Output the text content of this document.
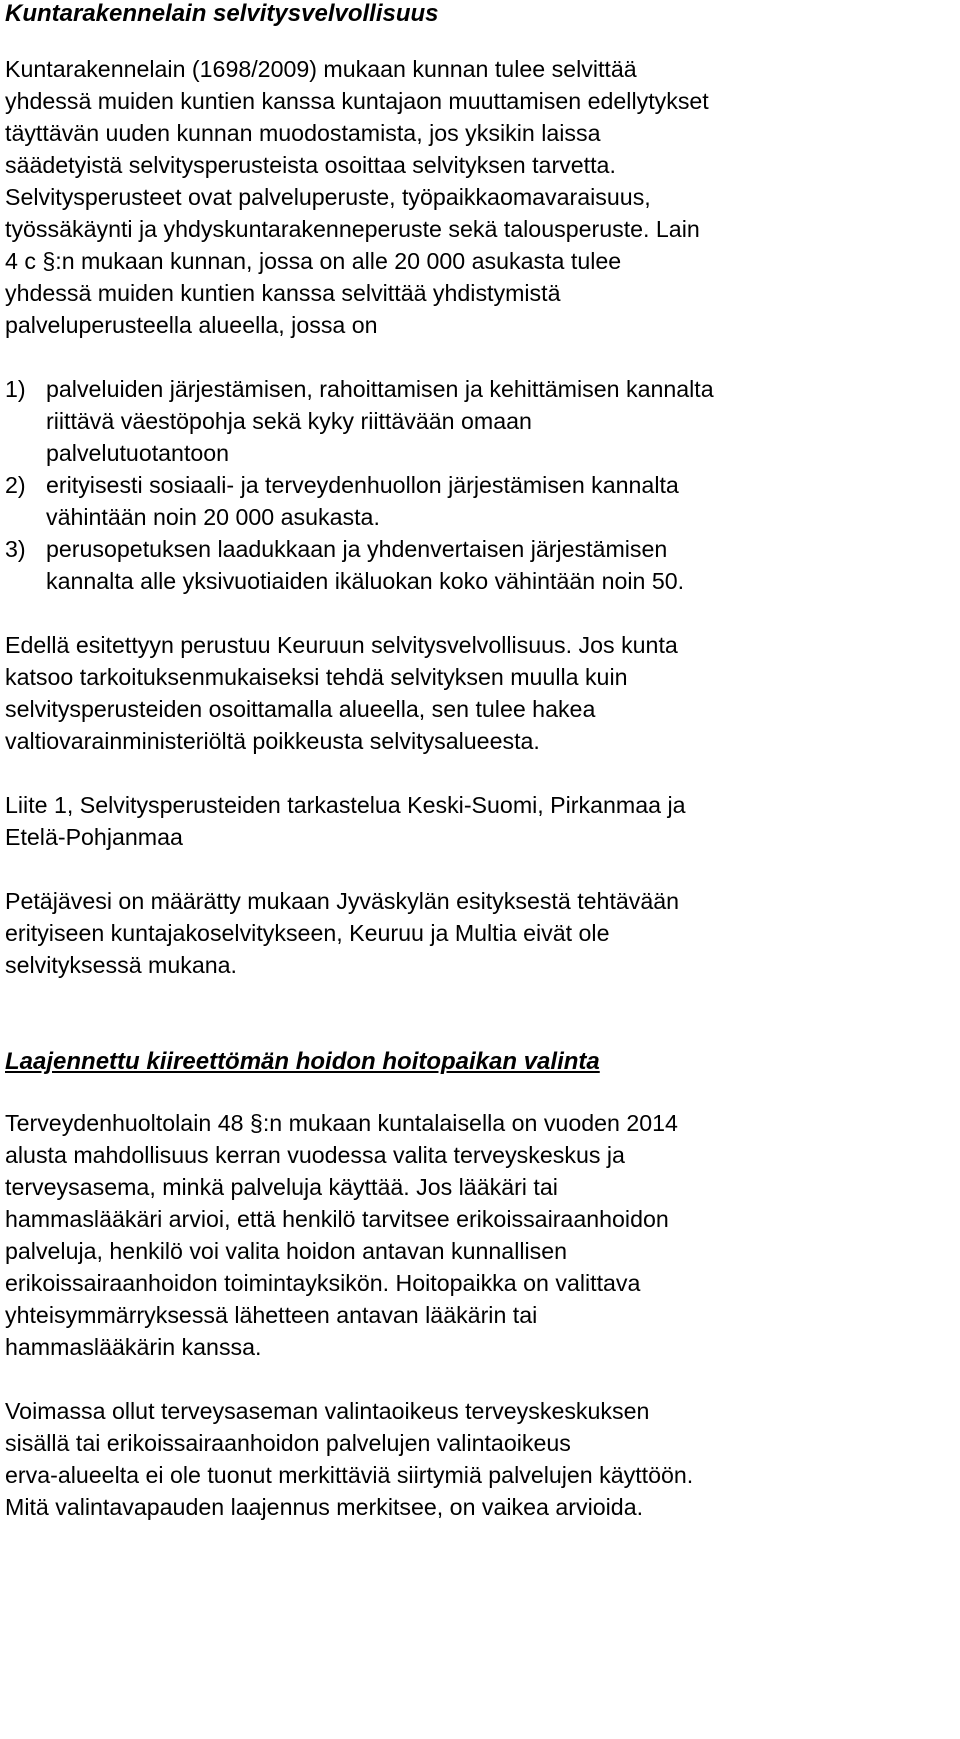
Kuntarakennelain selvitysvelvollisuus

Kuntarakennelain (1698/2009) mukaan kunnan tulee selvittää
yhdessä muiden kuntien kanssa kuntajaon muuttamisen edellytykset
täyttävän uuden kunnan muodostamista, jos yksikin laissa
säädetyistä selvitysperusteista osoittaa selvityksen tarvetta.
Selvitysperusteet ovat palveluperuste, työpaikkaomavaraisuus,
työssäkäynti ja yhdyskuntarakenneperuste sekä talousperuste. Lain
4 c §:n mukaan kunnan, jossa on alle 20 000 asukasta tulee
yhdessä muiden kuntien kanssa selvittää yhdistymistä
palveluperusteella alueella, jossa on

1) palveluiden järjestämisen, rahoittamisen ja kehittämisen kannalta
riittävä väestöpohja sekä kyky riittävään omaan
palvelutuotantoon
2) erityisesti sosiaali- ja terveydenhuollon järjestämisen kannalta
vähintään noin 20 000 asukasta.
3) perusopetuksen laadukkaan ja yhdenvertaisen järjestämisen
kannalta alle yksivuotiaiden ikäluokan koko vähintään noin 50.

Edellä esitettyyn perustuu Keuruun selvitysvelvollisuus. Jos kunta
katsoo tarkoituksenmukaiseksi tehdä selvityksen muulla kuin
selvitysperusteiden osoittamalla alueella, sen tulee hakea
valtiovarainministeriöltä poikkeusta selvitysalueesta.

Liite 1, Selvitysperusteiden tarkastelua Keski-Suomi, Pirkanmaa ja
Etelä-Pohjanmaa

Petäjävesi on määrätty mukaan Jyväskylän esityksestä tehtävään
erityiseen kuntajakoselvitykseen, Keuruu ja Multia eivät ole
selvityksessä mukana.

Laajennettu kiireettömän hoidon hoitopaikan valinta

Terveydenhuoltolain 48 §:n mukaan kuntalaisella on vuoden 2014
alusta mahdollisuus kerran vuodessa valita terveyskeskus ja
terveysasema, minkä palveluja käyttää. Jos lääkäri tai
hammaslääkäri arvioi, että henkilö tarvitsee erikoissairaanhoidon
palveluja, henkilö voi valita hoidon antavan kunnallisen
erikoissairaanhoidon toimintayksikön. Hoitopaikka on valittava
yhteisymmärryksessä lähetteen antavan lääkärin tai
hammaslääkärin kanssa.

Voimassa ollut terveysaseman valintaoikeus terveyskeskuksen
sisällä tai erikoissairaanhoidon palvelujen valintaoikeus
erva-alueelta ei ole tuonut merkittäviä siirtymiä palvelujen käyttöön.
Mitä valintavapauden laajennus merkitsee, on vaikea arvioida.
